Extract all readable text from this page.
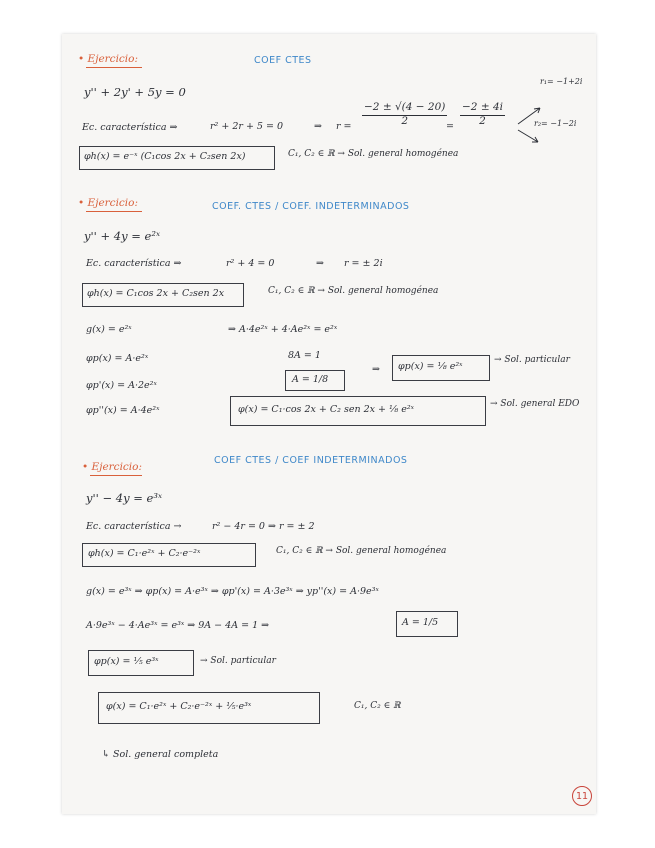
• Ejercicio:	COEF CTES
y'' + 2y' + 5y = 0
Ec. característica ⇒	r² + 2r + 5 = 0	⇒ $r = \frac{-2 \pm √(4 - 20)}{2}$
= $\frac{-2 \pm 4i}{2}$
r₁= −1+2i
r₂= −1−2i
φh(x) = e⁻ˣ (C₁cos 2x + C₂sen 2x)	C₁, C₂ ∈ ℝ → Sol. general homogénea
• Ejercicio:	COEF. CTES / COEF. INDETERMINADOS
y'' + 4y = e²ˣ
Ec. característica ⇒	r² + 4 = 0	⇒ r = ± 2i
φh(x) = C₁cos 2x + C₂sen 2x	C₁, C₂ ∈ ℝ → Sol. general homogénea
g(x) = e²ˣ	⇒ A·4e²ˣ + 4·Ae²ˣ = e²ˣ
φp(x) = A·e²ˣ
φp'(x) = A·2e²ˣ
φp''(x) = A·4e²ˣ
8A = 1
A = 1/8
⇒ φp(x) = ⅛ e²ˣ
→ Sol. particular
φ(x) = C₁·cos 2x + C₂ sen 2x + ⅛ e²ˣ	→ Sol. general EDO
• Ejercicio:
COEF CTES / COEF INDETERMINADOS
y'' − 4y = e³ˣ
Ec. característica →	r² − 4r = 0 ⇒ r = ± 2
φh(x) = C₁·e²ˣ + C₂·e⁻²ˣ	C₁, C₂ ∈ ℝ → Sol. general homogénea
g(x) = e³ˣ ⇒ φp(x) = A·e³ˣ ⇒ φp'(x) = A·3e³ˣ ⇒ yp''(x) = A·9e³ˣ
A·9e³ˣ − 4·Ae³ˣ = e³ˣ ⇒ 9A − 4A = 1 ⇒	A = 1/5
φp(x) = ⅕ e³ˣ	→ Sol. particular
φ(x) = C₁·e²ˣ + C₂·e⁻²ˣ + ⅕·e³ˣ	C₁, C₂ ∈ ℝ
↳ Sol. general completa
11
